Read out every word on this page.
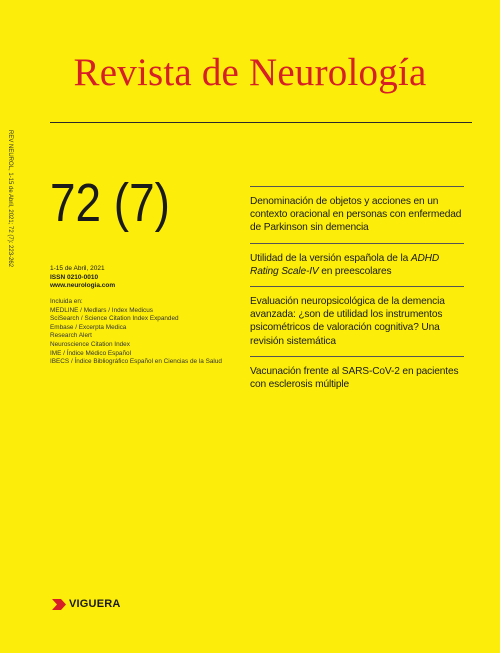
Revista de Neurología
REV NEUROL, 1-15 de Abril, 2021; 72 (7): 223-262 72 (7)
1-15 de Abril, 2021
ISSN 0210-0010
www.neurologia.com
Incluida en:
MEDLINE / Medlars / Index Medicus
SciSearch / Science Citation Index Expanded
Embase / Excerpta Medica
Research Alert
Neuroscience Citation Index
IME / Índice Médico Español
IBECS / Índice Bibliográfico Español en Ciencias de la Salud
Denominación de objetos y acciones en un contexto oracional en personas con enfermedad de Parkinson sin demencia
Utilidad de la versión española de la ADHD Rating Scale-IV en preescolares
Evaluación neuropsicológica de la demencia avanzada: ¿son de utilidad los instrumentos psicométricos de valoración cognitiva? Una revisión sistemática
Vacunación frente al SARS-CoV-2 en pacientes con esclerosis múltiple
VIGUERA
